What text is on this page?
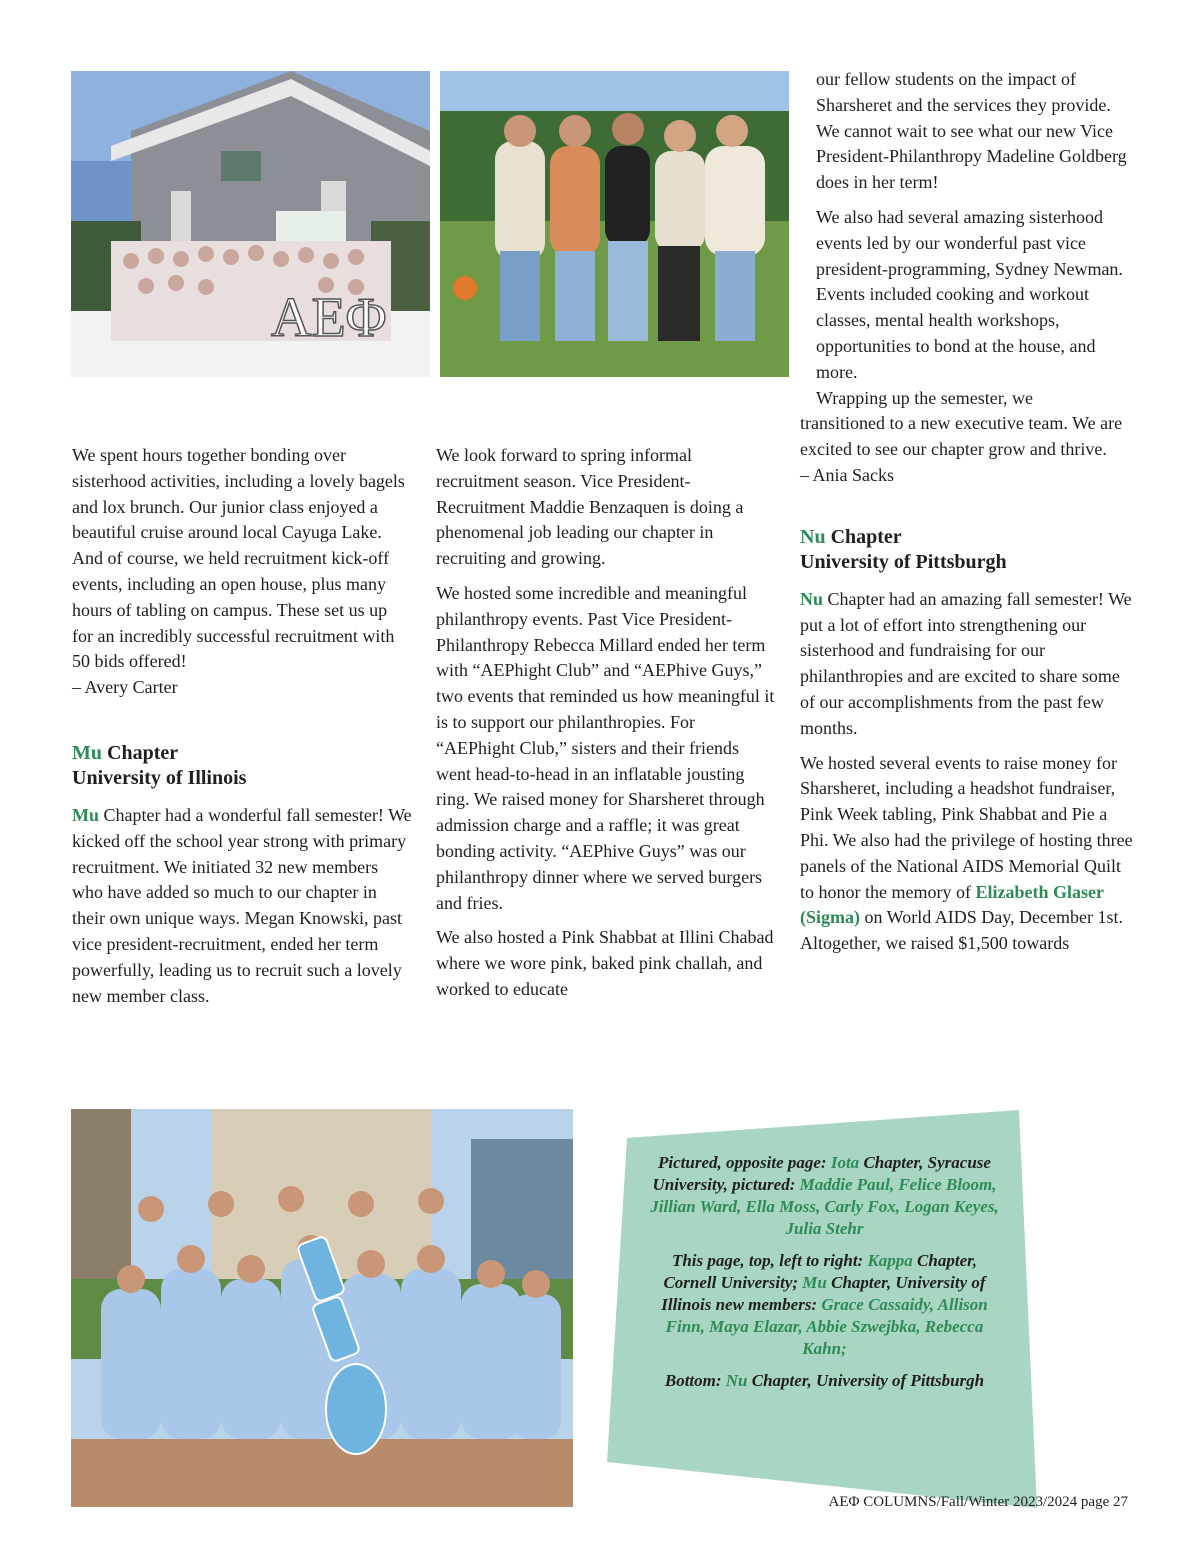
AEΦ

We spent hours together bonding over sisterhood activities, including a lovely bagels and lox brunch. Our junior class enjoyed a beautiful cruise around local Cayuga Lake. And of course, we held recruitment kick-off events, including an open house, plus many hours of tabling on campus. These set us up for an incredibly successful recruitment with 50 bids offered!

– Avery Carter

Mu Chapter
University of Illinois

Mu Chapter had a wonderful fall semester! We kicked off the school year strong with primary recruitment. We initiated 32 new members who have added so much to our chapter in their own unique ways. Megan Knowski, past vice president-recruitment, ended her term powerfully, leading us to recruit such a lovely new member class.

We look forward to spring informal recruitment season. Vice President-Recruitment Maddie Benzaquen is doing a phenomenal job leading our chapter in recruiting and growing.

We hosted some incredible and meaningful philanthropy events. Past Vice President-Philanthropy Rebecca Millard ended her term with “AEPhight Club” and “AEPhive Guys,” two events that reminded us how meaningful it is to support our philanthropies. For “AEPhight Club,” sisters and their friends went head-to-head in an inflatable jousting ring. We raised money for Sharsheret through admission charge and a raffle; it was great bonding activity. “AEPhive Guys” was our philanthropy dinner where we served burgers and fries.

We also hosted a Pink Shabbat at Illini Chabad where we wore pink, baked pink challah, and worked to educate

our fellow students on the impact of Sharsheret and the services they provide. We cannot wait to see what our new Vice President-Philanthropy Madeline Goldberg does in her term!

We also had several amazing sisterhood events led by our wonderful past vice president-programming, Sydney Newman. Events included cooking and workout classes, mental health workshops, opportunities to bond at the house, and more.

Wrapping up the semester, we

transitioned to a new executive team. We are excited to see our chapter grow and thrive.

– Ania Sacks

Nu Chapter
University of Pittsburgh

Nu Chapter had an amazing fall semester! We put a lot of effort into strengthening our sisterhood and fundraising for our philanthropies and are excited to share some of our accomplishments from the past few months.

We hosted several events to raise money for Sharsheret, including a headshot fundraiser, Pink Week tabling, Pink Shabbat and Pie a Phi. We also had the privilege of hosting three panels of the National AIDS Memorial Quilt to honor the memory of Elizabeth Glaser (Sigma) on World AIDS Day, December 1st. Altogether, we raised $1,500 towards

Pictured, opposite page: Iota Chapter, Syracuse University, pictured: Maddie Paul, Felice Bloom, Jillian Ward, Ella Moss, Carly Fox, Logan Keyes, Julia Stehr

This page, top, left to right: Kappa Chapter, Cornell University; Mu Chapter, University of Illinois new members: Grace Cassaidy, Allison Finn, Maya Elazar, Abbie Szwejbka, Rebecca Kahn;

Bottom: Nu Chapter, University of Pittsburgh

AEΦ COLUMNS/Fall/Winter 2023/2024 page 27
